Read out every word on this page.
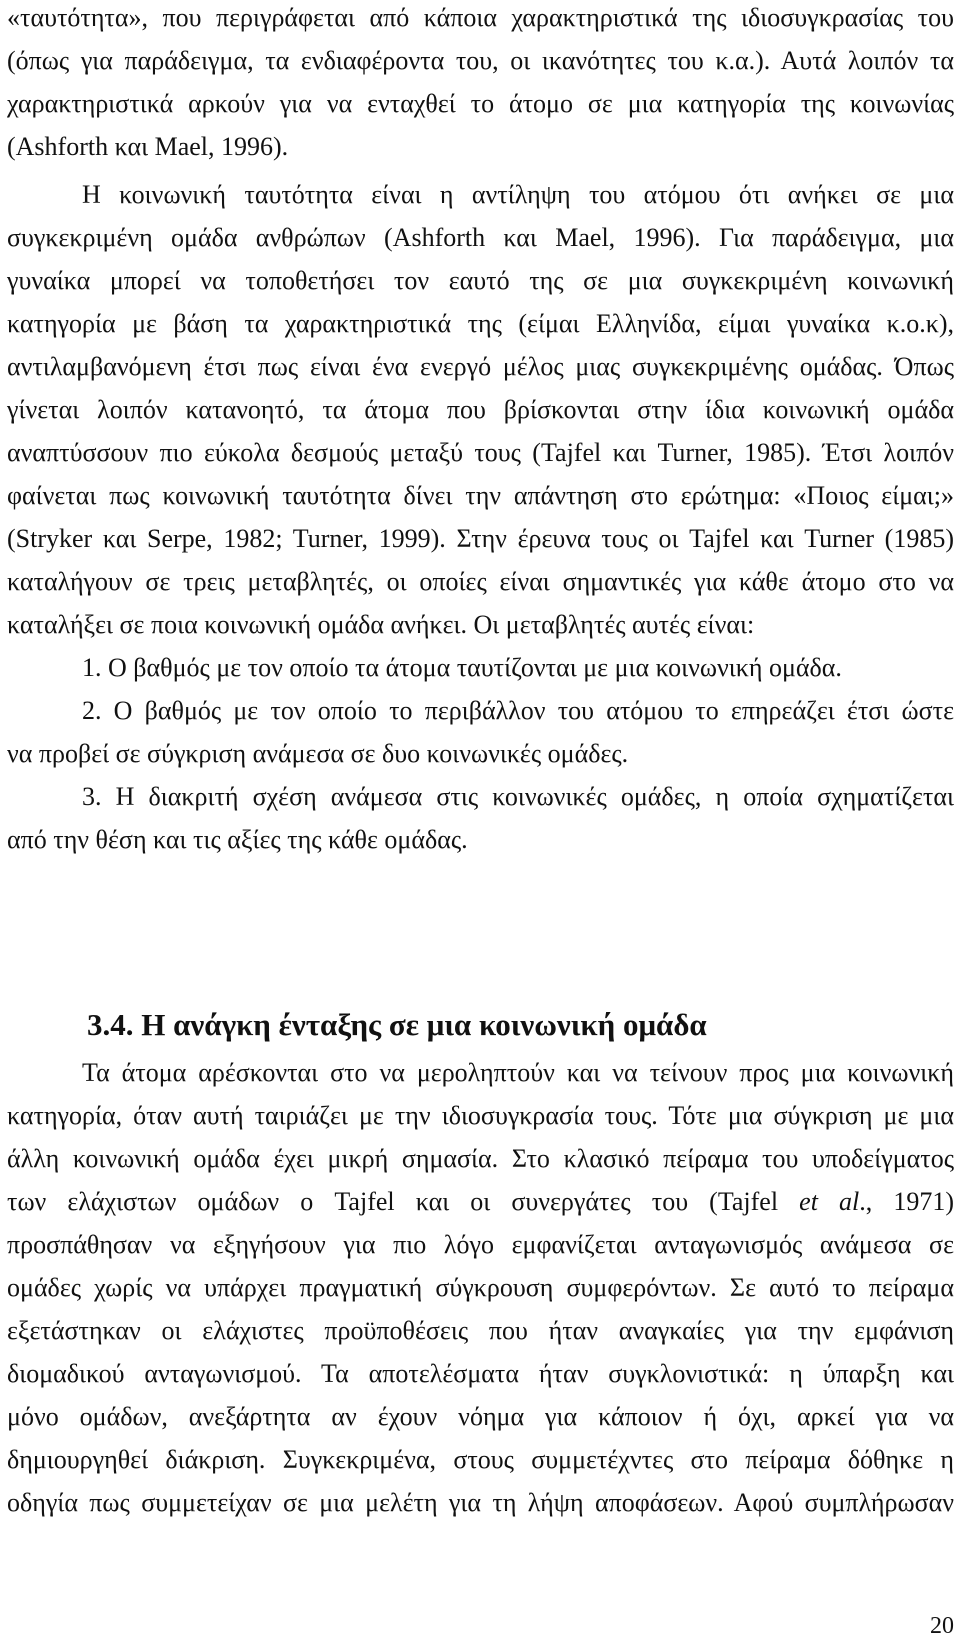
«ταυτότητα», που περιγράφεται από κάποια χαρακτηριστικά της ιδιοσυγκρασίας του
(όπως για παράδειγμα, τα ενδιαφέροντα του, οι ικανότητες του κ.α.). Αυτά λοιπόν τα
χαρακτηριστικά αρκούν για να ενταχθεί το άτομο σε μια κατηγορία της κοινωνίας
(Ashforth και Mael, 1996).
Η κοινωνική ταυτότητα είναι η αντίληψη του ατόμου ότι ανήκει σε μια
συγκεκριμένη ομάδα ανθρώπων (Ashforth και Mael, 1996). Για παράδειγμα, μια
γυναίκα μπορεί να τοποθετήσει τον εαυτό της σε μια συγκεκριμένη κοινωνική
κατηγορία με βάση τα χαρακτηριστικά της (είμαι Ελληνίδα, είμαι γυναίκα κ.ο.κ),
αντιλαμβανόμενη έτσι πως είναι ένα ενεργό μέλος μιας συγκεκριμένης ομάδας. Όπως
γίνεται λοιπόν κατανοητό, τα άτομα που βρίσκονται στην ίδια κοινωνική ομάδα
αναπτύσσουν πιο εύκολα δεσμούς μεταξύ τους (Tajfel και Turner, 1985). Έτσι λοιπόν
φαίνεται πως κοινωνική ταυτότητα δίνει την απάντηση στο ερώτημα: «Ποιος είμαι;»
(Stryker και Serpe, 1982; Turner, 1999). Στην έρευνα τους οι Tajfel και Turner (1985)
καταλήγουν σε τρεις μεταβλητές, οι οποίες είναι σημαντικές για κάθε άτομο στο να
καταλήξει σε ποια κοινωνική ομάδα ανήκει. Οι μεταβλητές αυτές είναι:
1. Ο βαθμός με τον οποίο τα άτομα ταυτίζονται με μια κοινωνική ομάδα.
2. Ο βαθμός με τον οποίο το περιβάλλον του ατόμου το επηρεάζει έτσι ώστε
να προβεί σε σύγκριση ανάμεσα σε δυο κοινωνικές ομάδες.
3. Η διακριτή σχέση ανάμεσα στις κοινωνικές ομάδες, η οποία σχηματίζεται
από την θέση και τις αξίες της κάθε ομάδας.
3.4. Η ανάγκη ένταξης σε μια κοινωνική ομάδα
Τα άτομα αρέσκονται στο να μεροληπτούν και να τείνουν προς μια κοινωνική
κατηγορία, όταν αυτή ταιριάζει με την ιδιοσυγκρασία τους. Τότε μια σύγκριση με μια
άλλη κοινωνική ομάδα έχει μικρή σημασία. Στο κλασικό πείραμα του υποδείγματος
των ελάχιστων ομάδων ο Tajfel και οι συνεργάτες του (Tajfel et al., 1971)
προσπάθησαν να εξηγήσουν για πιο λόγο εμφανίζεται ανταγωνισμός ανάμεσα σε
ομάδες χωρίς να υπάρχει πραγματική σύγκρουση συμφερόντων. Σε αυτό το πείραμα
εξετάστηκαν οι ελάχιστες προϋποθέσεις που ήταν αναγκαίες για την εμφάνιση
διομαδικού ανταγωνισμού. Τα αποτελέσματα ήταν συγκλονιστικά: η ύπαρξη και
μόνο ομάδων, ανεξάρτητα αν έχουν νόημα για κάποιον ή όχι, αρκεί για να
δημιουργηθεί διάκριση. Συγκεκριμένα, στους συμμετέχντες στο πείραμα δόθηκε η
οδηγία πως συμμετείχαν σε μια μελέτη για τη λήψη αποφάσεων. Αφού συμπλήρωσαν
20
